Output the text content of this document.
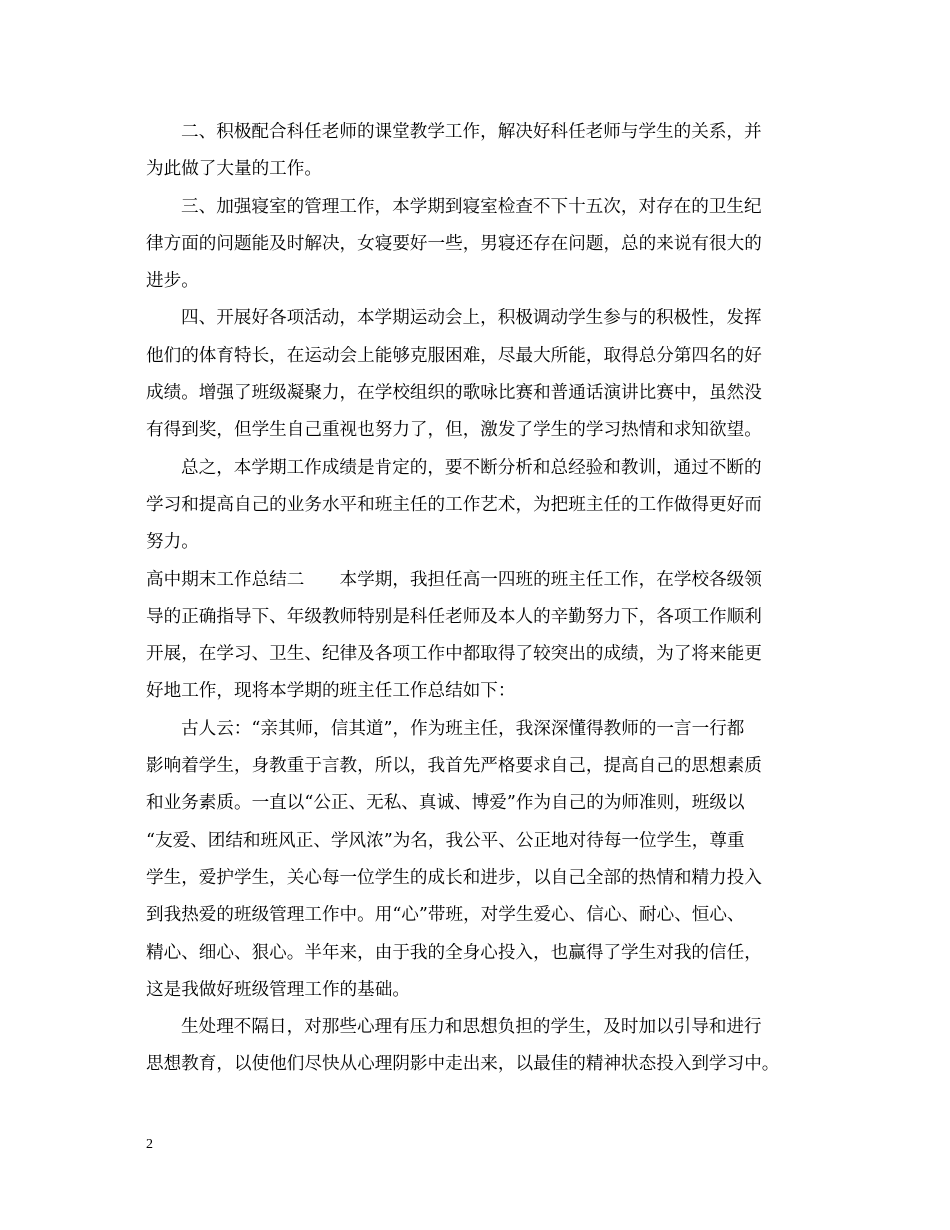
二、积极配合科任老师的课堂教学工作，解决好科任老师与学生的关系，并
为此做了大量的工作。
三、加强寝室的管理工作，本学期到寝室检查不下十五次，对存在的卫生纪
律方面的问题能及时解决，女寝要好一些，男寝还存在问题，总的来说有很大的
进步。
四、开展好各项活动，本学期运动会上，积极调动学生参与的积极性，发挥
他们的体育特长，在运动会上能够克服困难，尽最大所能，取得总分第四名的好
成绩。增强了班级凝聚力，在学校组织的歌咏比赛和普通话演讲比赛中，虽然没
有得到奖，但学生自己重视也努力了，但，激发了学生的学习热情和求知欲望。
总之，本学期工作成绩是肯定的，要不断分析和总经验和教训，通过不断的
学习和提高自己的业务水平和班主任的工作艺术，为把班主任的工作做得更好而
努力。
高中期末工作总结二　　本学期，我担任高一四班的班主任工作，在学校各级领
导的正确指导下、年级教师特别是科任老师及本人的辛勤努力下，各项工作顺利
开展，在学习、卫生、纪律及各项工作中都取得了较突出的成绩，为了将来能更
好地工作，现将本学期的班主任工作总结如下：
古人云：“亲其师，信其道”，作为班主任，我深深懂得教师的一言一行都
影响着学生，身教重于言教，所以，我首先严格要求自己，提高自己的思想素质
和业务素质。一直以“公正、无私、真诚、博爱”作为自己的为师准则，班级以
“友爱、团结和班风正、学风浓”为名，我公平、公正地对待每一位学生，尊重
学生，爱护学生，关心每一位学生的成长和进步，以自己全部的热情和精力投入
到我热爱的班级管理工作中。用“心”带班，对学生爱心、信心、耐心、恒心、
精心、细心、狠心。半年来，由于我的全身心投入，也赢得了学生对我的信任，
这是我做好班级管理工作的基础。
生处理不隔日，对那些心理有压力和思想负担的学生，及时加以引导和进行
思想教育，以使他们尽快从心理阴影中走出来，以最佳的精神状态投入到学习中。
2
